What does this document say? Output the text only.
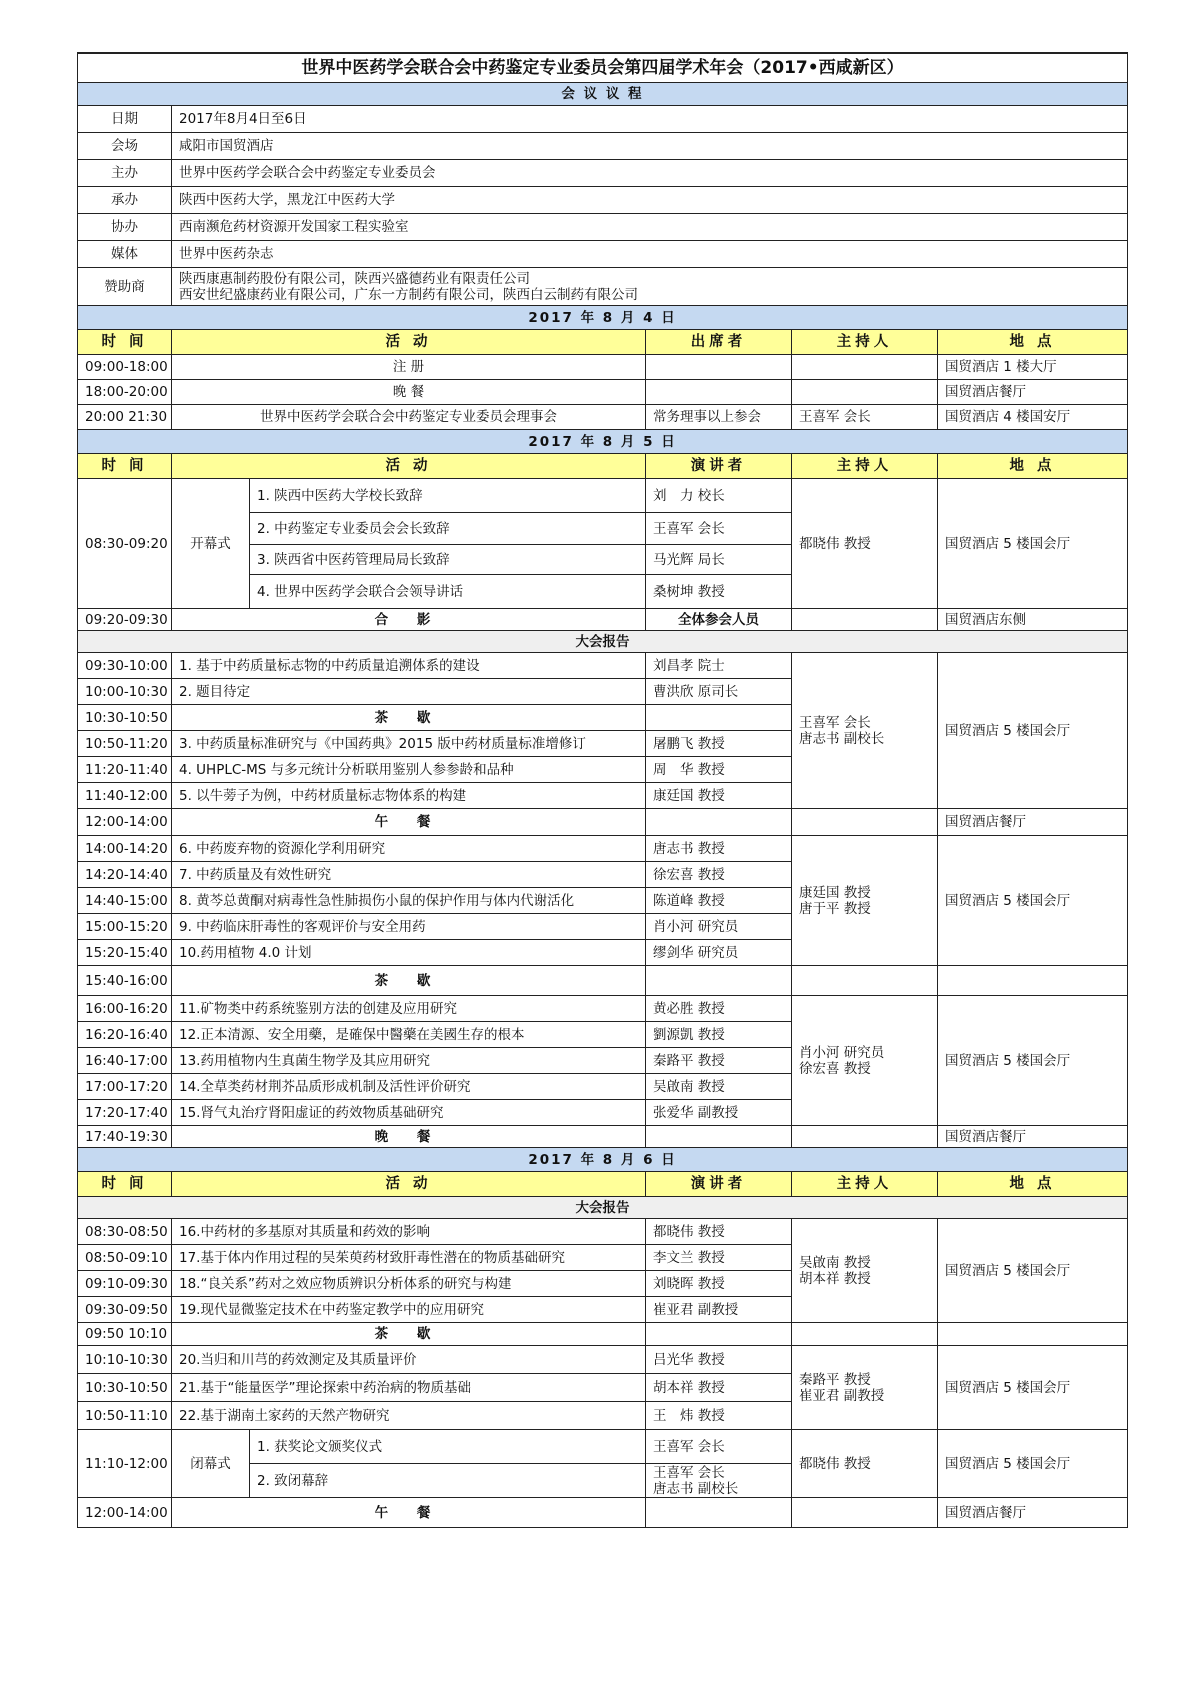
世界中医药学会联合会中药鉴定专业委员会第四届学术年会（2017•西咸新区）					
会 议 议 程					
日期	2017年8月4日至6日				
会场	咸阳市国贸酒店				
主办	世界中医药学会联合会中药鉴定专业委员会				
承办	陕西中医药大学，黑龙江中医药大学				
协办	西南濒危药材资源开发国家工程实验室				
媒体	世界中医药杂志				
赞助商	陕西康惠制药股份有限公司，陕西兴盛德药业有限责任公司
西安世纪盛康药业有限公司，广东一方制药有限公司，陕西白云制药有限公司				
2017 年 8 月 4 日					
时 间	活 动		出席者	主持人	地 点
09:00-18:00	注 册				国贸酒店 1 楼大厅
18:00-20:00	晚 餐				国贸酒店餐厅
20:00 21:30	世界中医药学会联合会中药鉴定专业委员会理事会		常务理事以上参会	王喜军 会长	国贸酒店 4 楼国安厅
2017 年 8 月 5 日					
时 间	活 动		演讲者	主持人	地 点
08:30-09:20	开幕式	1. 陕西中医药大学校长致辞	刘　力 校长	都晓伟 教授	国贸酒店 5 楼国会厅
		2. 中药鉴定专业委员会会长致辞	王喜军 会长		
		3. 陕西省中医药管理局局长致辞	马光辉 局长		
		4. 世界中医药学会联合会领导讲话	桑树坤 教授		
09:20-09:30	合 影		全体参会人员		国贸酒店东侧
大会报告					
09:30-10:00	1. 基于中药质量标志物的中药质量追溯体系的建设		刘昌孝 院士	王喜军 会长
唐志书 副校长	国贸酒店 5 楼国会厅
10:00-10:30	2. 题目待定		曹洪欣 原司长		
10:30-10:50	茶 歇				
10:50-11:20	3. 中药质量标准研究与《中国药典》2015 版中药材质量标准增修订		屠鹏飞 教授		
11:20-11:40	4. UHPLC-MS 与多元统计分析联用鉴别人参参龄和品种		周　华 教授		
11:40-12:00	5. 以牛蒡子为例，中药材质量标志物体系的构建		康廷国 教授		
12:00-14:00	午 餐				国贸酒店餐厅
14:00-14:20	6. 中药废弃物的资源化学利用研究		唐志书 教授	康廷国 教授
唐于平 教授	国贸酒店 5 楼国会厅
14:20-14:40	7. 中药质量及有效性研究		徐宏喜 教授		
14:40-15:00	8. 黄芩总黄酮对病毒性急性肺损伤小鼠的保护作用与体内代谢活化		陈道峰 教授		
15:00-15:20	9. 中药临床肝毒性的客观评价与安全用药		肖小河 研究员		
15:20-15:40	10.药用植物 4.0 计划		缪剑华 研究员		
15:40-16:00	茶 歇				
16:00-16:20	11.矿物类中药系统鉴别方法的创建及应用研究		黄必胜 教授	肖小河 研究员
徐宏喜 教授	国贸酒店 5 楼国会厅
16:20-16:40	12.正本清源、安全用藥，是確保中醫藥在美國生存的根本		劉源凱 教授		
16:40-17:00	13.药用植物内生真菌生物学及其应用研究		秦路平 教授		
17:00-17:20	14.全草类药材荆芥品质形成机制及活性评价研究		吴啟南 教授		
17:20-17:40	15.肾气丸治疗肾阳虚证的药效物质基础研究		张爱华 副教授		
17:40-19:30	晚 餐				国贸酒店餐厅
2017 年 8 月 6 日					
时 间	活 动		演讲者	主持人	地 点
大会报告					
08:30-08:50	16.中药材的多基原对其质量和药效的影响		都晓伟 教授	吴啟南 教授
胡本祥 教授	国贸酒店 5 楼国会厅
08:50-09:10	17.基于体内作用过程的吴茱萸药材致肝毒性潜在的物质基础研究		李文兰 教授		
09:10-09:30	18.“良关系”药对之效应物质辨识分析体系的研究与构建		刘晓晖 教授		
09:30-09:50	19.现代显微鉴定技术在中药鉴定教学中的应用研究		崔亚君 副教授		
09:50 10:10	茶 歇				
10:10-10:30	20.当归和川芎的药效测定及其质量评价		吕光华 教授	秦路平 教授
崔亚君 副教授	国贸酒店 5 楼国会厅
10:30-10:50	21.基于“能量医学”理论探索中药治病的物质基础		胡本祥 教授		
10:50-11:10	22.基于湖南土家药的天然产物研究		王　炜 教授		
11:10-12:00	闭幕式	1. 获奖论文颁奖仪式	王喜军 会长	都晓伟 教授	国贸酒店 5 楼国会厅
		2. 致闭幕辞	王喜军 会长
唐志书 副校长		
12:00-14:00	午 餐				国贸酒店餐厅
